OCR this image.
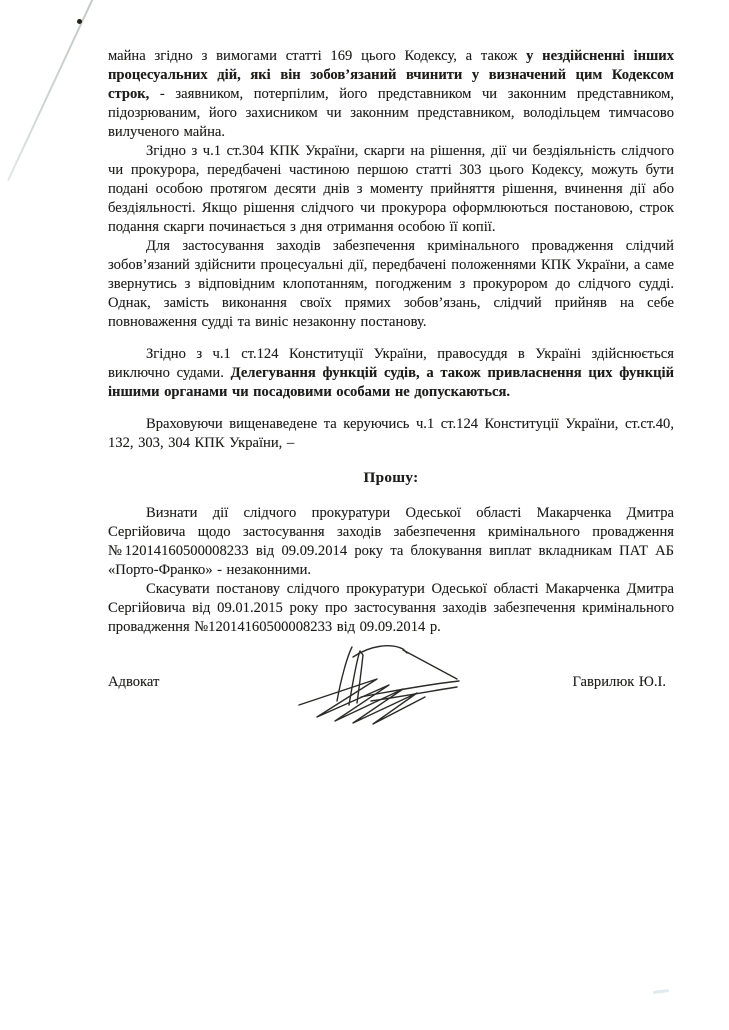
майна згідно з вимогами статті 169 цього Кодексу, а також у нездійсненні інших процесуальних дій, які він зобов’язаний вчинити у визначений цим Кодексом строк, - заявником, потерпілим, його представником чи законним представником, підозрюваним, його захисником чи законним представником, володільцем тимчасово вилученого майна.

Згідно з ч.1 ст.304 КПК України, скарги на рішення, дії чи бездіяльність слідчого чи прокурора, передбачені частиною першою статті 303 цього Кодексу, можуть бути подані особою протягом десяти днів з моменту прийняття рішення, вчинення дії або бездіяльності. Якщо рішення слідчого чи прокурора оформлюються постановою, строк подання скарги починається з дня отримання особою її копії.

Для застосування заходів забезпечення кримінального провадження слідчий зобов’язаний здійснити процесуальні дії, передбачені положеннями КПК України, а саме звернутись з відповідним клопотанням, погодженим з прокурором до слідчого судді. Однак, замість виконання своїх прямих зобов’язань, слідчий прийняв на себе повноваження судді та виніс незаконну постанову.

Згідно з ч.1 ст.124 Конституції України, правосуддя в Україні здійснюється виключно судами. Делегування функцій судів, а також привласнення цих функцій іншими органами чи посадовими особами не допускаються.

Враховуючи вищенаведене та керуючись ч.1 ст.124 Конституції України, ст.ст.40, 132, 303, 304 КПК України, –

Прошу:

Визнати дії слідчого прокуратури Одеської області Макарченка Дмитра Сергійовича щодо застосування заходів забезпечення кримінального провадження №12014160500008233 від 09.09.2014 року та блокування виплат вкладникам ПАТ АБ «Порто-Франко» - незаконними.

Скасувати постанову слідчого прокуратури Одеської області Макарченка Дмитра Сергійовича від 09.01.2015 року про застосування заходів забезпечення кримінального провадження №12014160500008233 від 09.09.2014 р.

Адвокат	Гаврилюк Ю.І.
